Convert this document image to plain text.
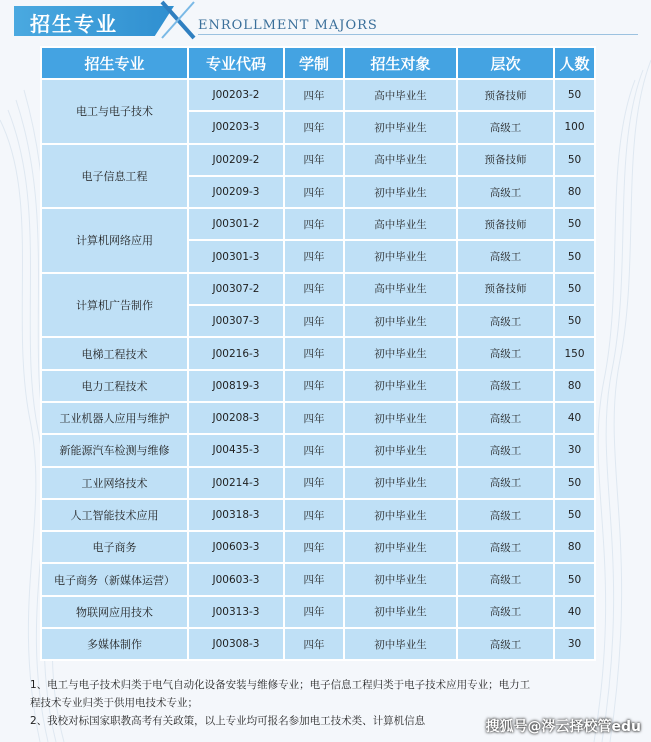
招生专业	ENROLLMENT MAJORS
招生专业	专业代码	学制	招生对象	层次	人数
电工与电子技术	J00203-2	四年	高中毕业生	预备技师	50
	J00203-3	四年	初中毕业生	高级工	100
电子信息工程	J00209-2	四年	高中毕业生	预备技师	50
	J00209-3	四年	初中毕业生	高级工	80
计算机网络应用	J00301-2	四年	高中毕业生	预备技师	50
	J00301-3	四年	初中毕业生	高级工	50
计算机广告制作	J00307-2	四年	高中毕业生	预备技师	50
	J00307-3	四年	初中毕业生	高级工	50
电梯工程技术	J00216-3	四年	初中毕业生	高级工	150
电力工程技术	J00819-3	四年	初中毕业生	高级工	80
工业机器人应用与维护	J00208-3	四年	初中毕业生	高级工	40
新能源汽车检测与维修	J00435-3	四年	初中毕业生	高级工	30
工业网络技术	J00214-3	四年	初中毕业生	高级工	50
人工智能技术应用	J00318-3	四年	初中毕业生	高级工	50
电子商务	J00603-3	四年	初中毕业生	高级工	80
电子商务（新媒体运营）	J00603-3	四年	初中毕业生	高级工	50
物联网应用技术	J00313-3	四年	初中毕业生	高级工	40
多媒体制作	J00308-3	四年	初中毕业生	高级工	30

1、电工与电子技术归类于电气自动化设备安装与维修专业；电子信息工程归类于电子技术应用专业；电力工

程技术专业归类于供用电技术专业；

2、我校对标国家职教高考有关政策，以上专业均可报名参加电工技术类、计算机信息	搜狐号@涔云择校管edu
